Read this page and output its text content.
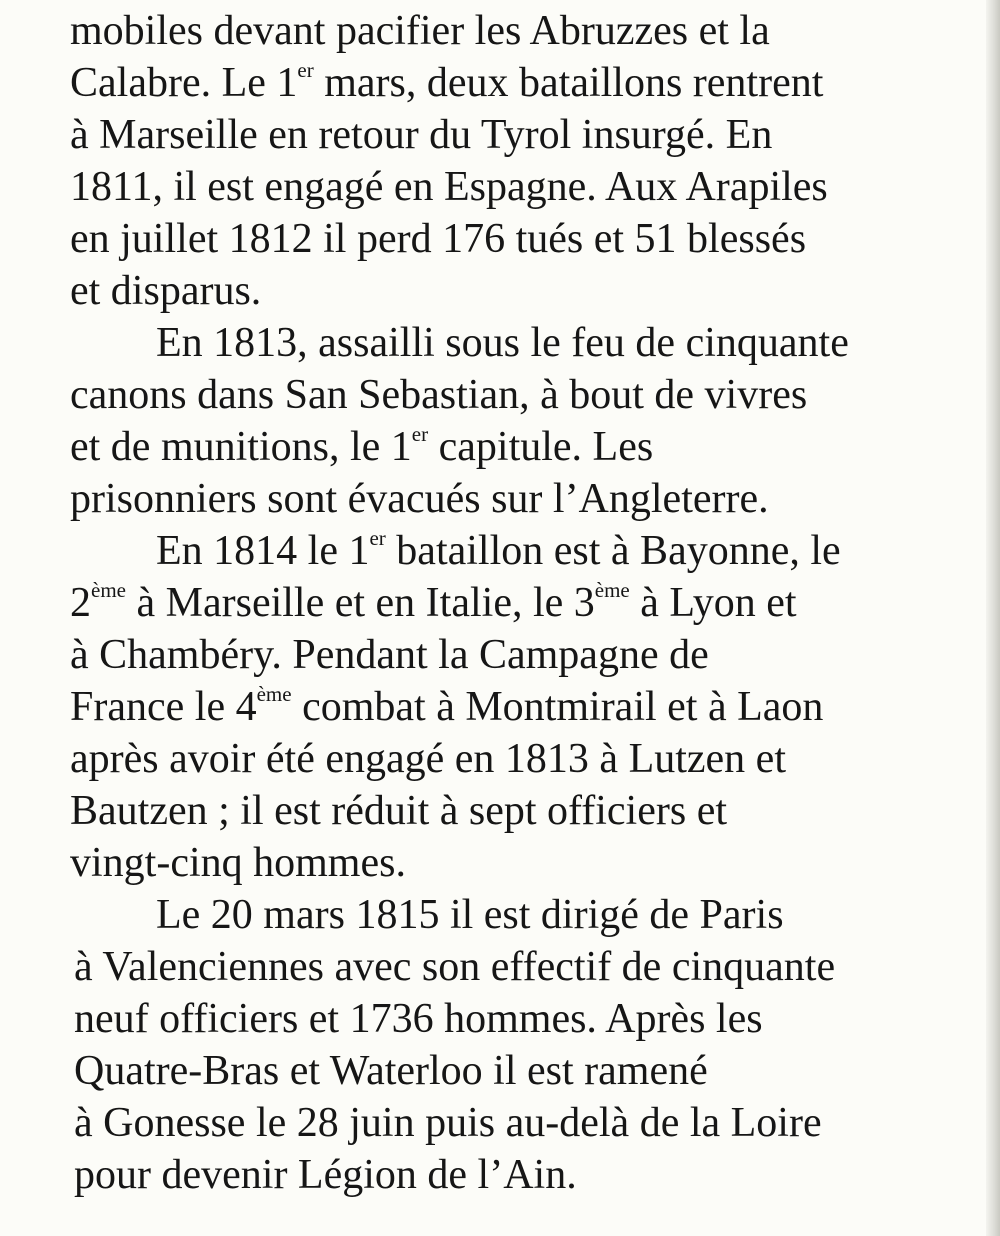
mobiles devant pacifier les Abruzzes et la
Calabre. Le 1er mars, deux bataillons rentrent
à Marseille en retour du Tyrol insurgé. En
1811, il est engagé en Espagne. Aux Arapiles
en juillet 1812 il perd 176 tués et 51 blessés
et disparus.
En 1813, assailli sous le feu de cinquante
canons dans San Sebastian, à bout de vivres
et de munitions, le 1er capitule. Les
prisonniers sont évacués sur l’Angleterre.
En 1814 le 1er bataillon est à Bayonne, le
2ème à Marseille et en Italie, le 3ème à Lyon et
à Chambéry. Pendant la Campagne de
France le 4ème combat à Montmirail et à Laon
après avoir été engagé en 1813 à Lutzen et
Bautzen ; il est réduit à sept officiers et
vingt-cinq hommes.
Le 20 mars 1815 il est dirigé de Paris
à Valenciennes avec son effectif de cinquante
neuf officiers et 1736 hommes. Après les
Quatre-Bras et Waterloo il est ramené
à Gonesse le 28 juin puis au-delà de la Loire
pour devenir Légion de l’Ain.
